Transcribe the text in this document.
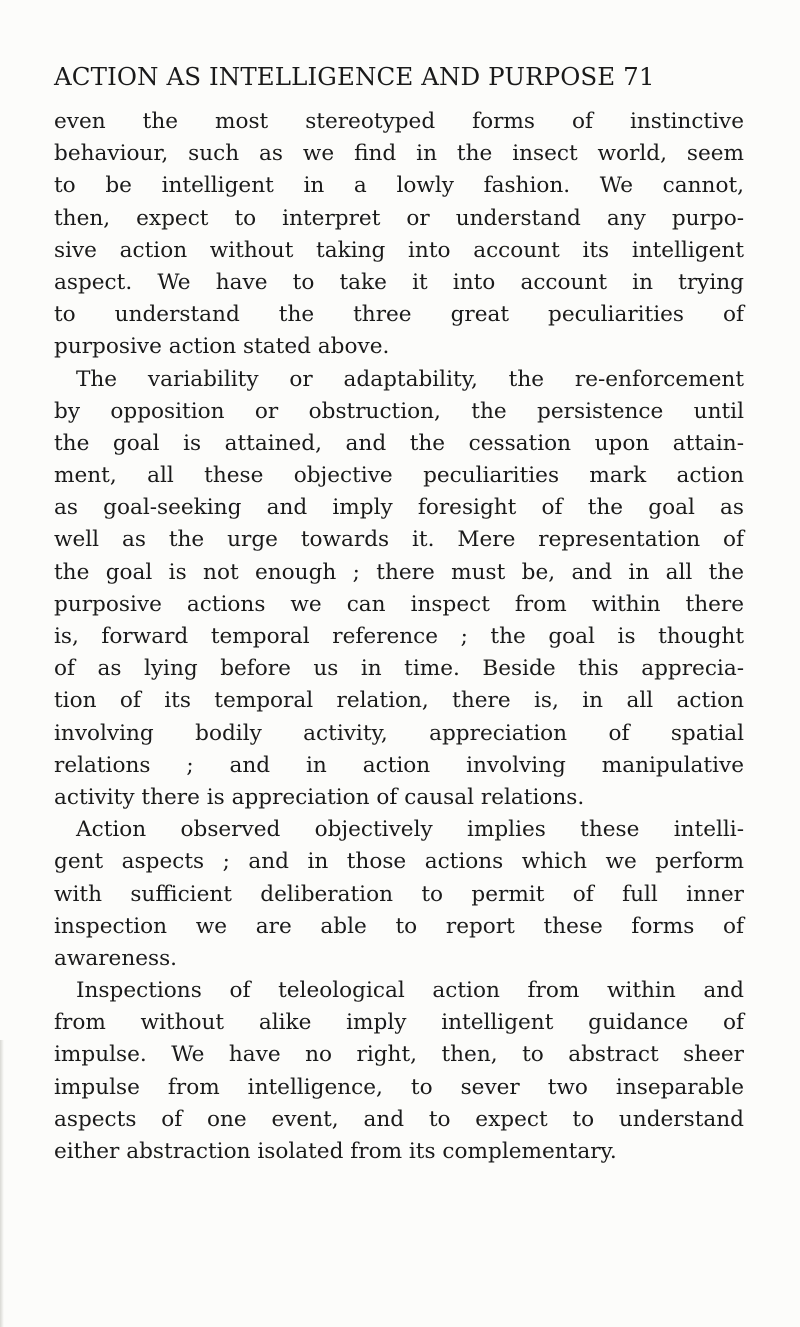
ACTION AS INTELLIGENCE AND PURPOSE 71
even the most stereotyped forms of instinctive
behaviour, such as we find in the insect world, seem
to be intelligent in a lowly fashion. We cannot,
then, expect to interpret or understand any purpo-
sive action without taking into account its intelligent
aspect. We have to take it into account in trying
to understand the three great peculiarities of
purposive action stated above.
The variability or adaptability, the re-enforcement
by opposition or obstruction, the persistence until
the goal is attained, and the cessation upon attain-
ment, all these objective peculiarities mark action
as goal-seeking and imply foresight of the goal as
well as the urge towards it. Mere representation of
the goal is not enough ; there must be, and in all the
purposive actions we can inspect from within there
is, forward temporal reference ; the goal is thought
of as lying before us in time. Beside this apprecia-
tion of its temporal relation, there is, in all action
involving bodily activity, appreciation of spatial
relations ; and in action involving manipulative
activity there is appreciation of causal relations.
Action observed objectively implies these intelli-
gent aspects ; and in those actions which we perform
with sufficient deliberation to permit of full inner
inspection we are able to report these forms of
awareness.
Inspections of teleological action from within and
from without alike imply intelligent guidance of
impulse. We have no right, then, to abstract sheer
impulse from intelligence, to sever two inseparable
aspects of one event, and to expect to understand
either abstraction isolated from its complementary.
